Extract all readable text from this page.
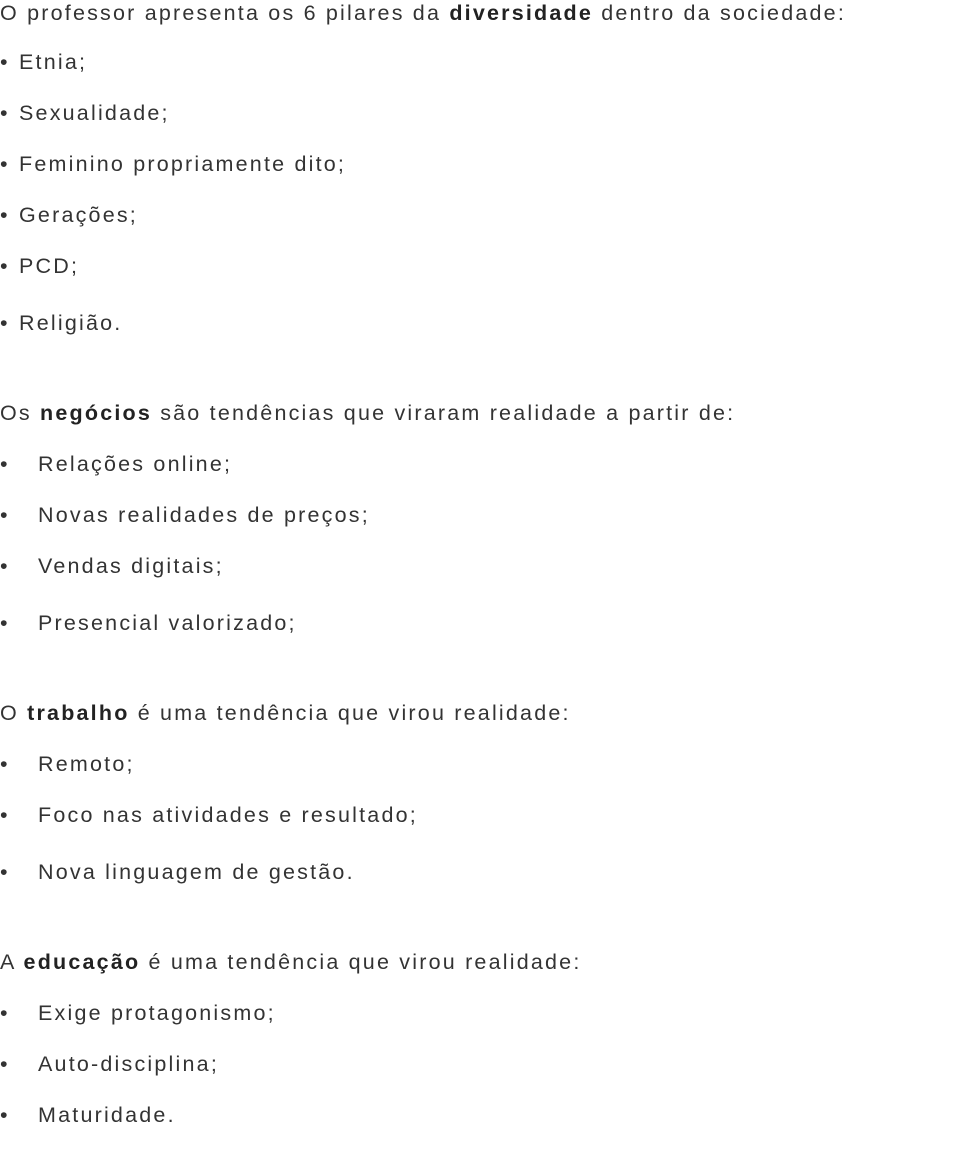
O professor apresenta os 6 pilares da diversidade dentro da sociedade:
• Etnia;
• Sexualidade;
• Feminino propriamente dito;
• Gerações;
• PCD;
• Religião.
Os negócios são tendências que viraram realidade a partir de:
• Relações online;
• Novas realidades de preços;
• Vendas digitais;
• Presencial valorizado;
O trabalho é uma tendência que virou realidade:
• Remoto;
• Foco nas atividades e resultado;
• Nova linguagem de gestão.
A educação é uma tendência que virou realidade:
• Exige protagonismo;
• Auto-disciplina;
• Maturidade.
